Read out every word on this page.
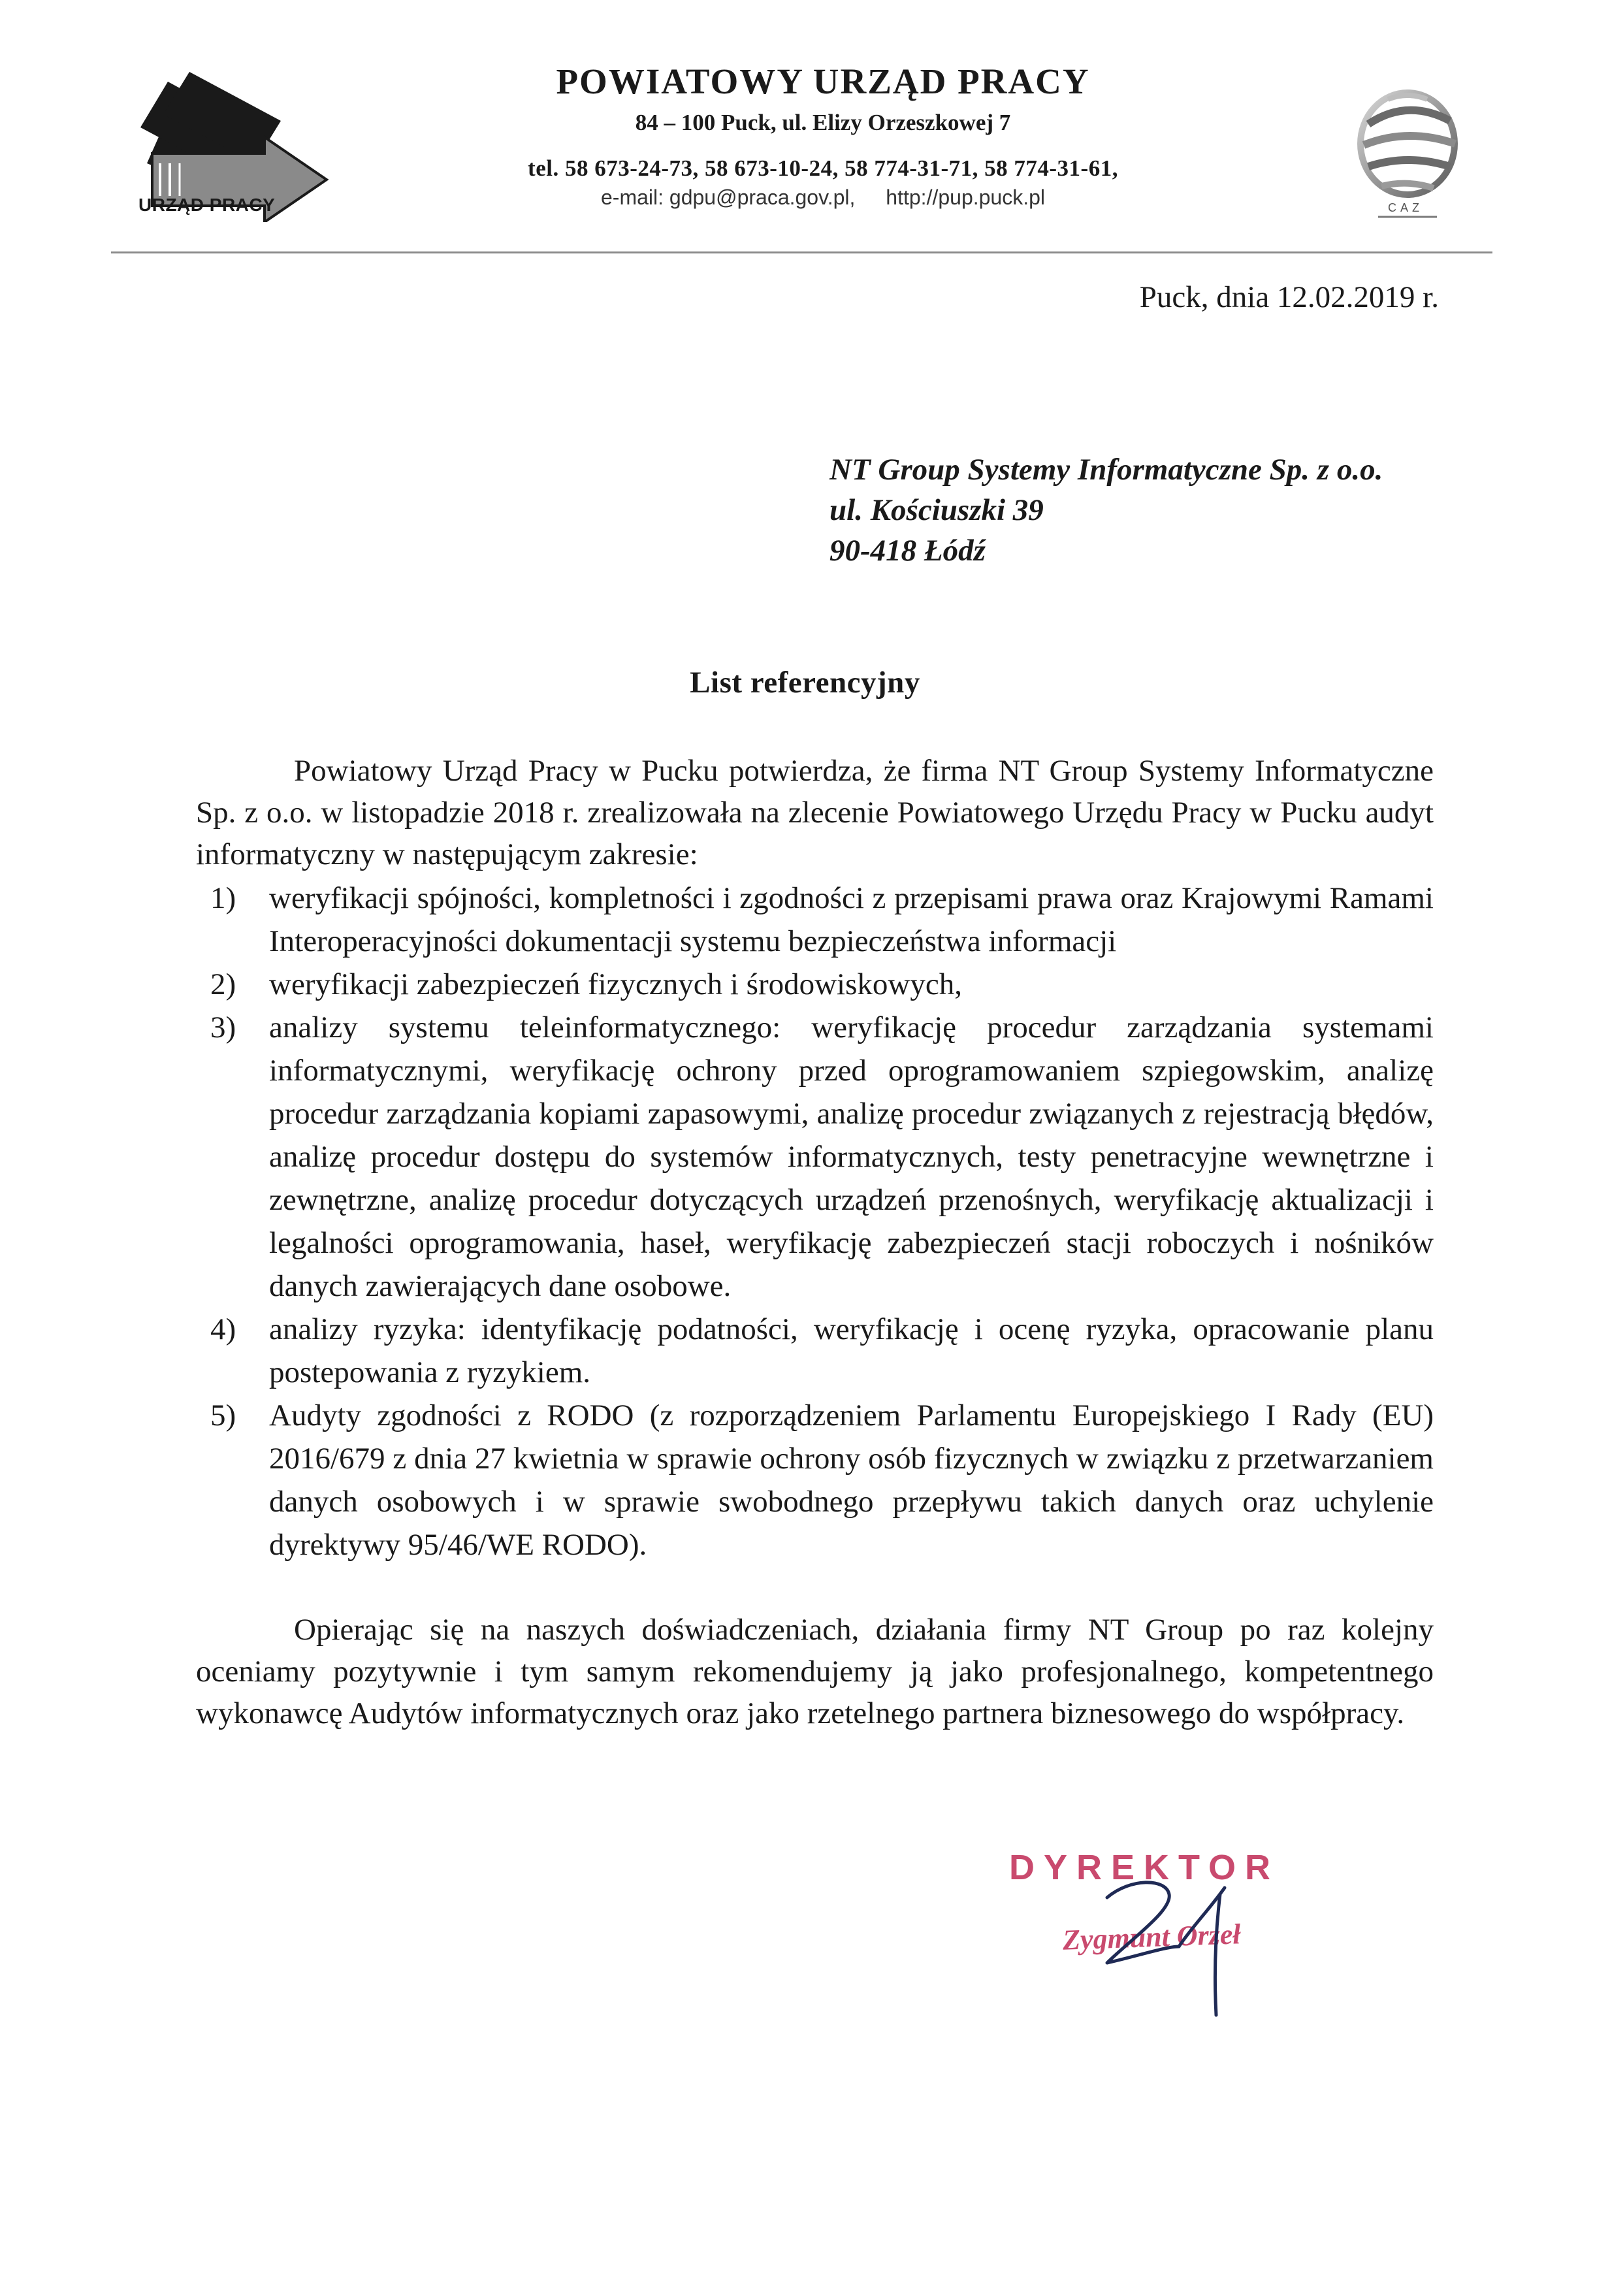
URZĄD PRACY
POWIATOWY URZĄD PRACY
84 – 100 Puck, ul. Elizy Orzeszkowej 7
tel. 58 673-24-73, 58 673-10-24, 58 774-31-71, 58 774-31-61,
e-mail: gdpu@praca.gov.pl, http://pup.puck.pl	CAZ
Puck, dnia 12.02.2019 r.
NT Group Systemy Informatyczne Sp. z o.o.
ul. Kościuszki 39
90-418 Łódź
List referencyjny
Powiatowy Urząd Pracy w Pucku potwierdza, że firma NT Group Systemy Informatyczne Sp. z o.o. w listopadzie 2018 r. zrealizowała na zlecenie Powiatowego Urzędu Pracy w Pucku audyt informatyczny w następującym zakresie:
1) weryfikacji spójności, kompletności i zgodności z przepisami prawa oraz Krajowymi Ramami Interoperacyjności dokumentacji systemu bezpieczeństwa informacji
2) weryfikacji zabezpieczeń fizycznych i środowiskowych,
3) analizy systemu teleinformatycznego: weryfikację procedur zarządzania systemami informatycznymi, weryfikację ochrony przed oprogramowaniem szpiegowskim, analizę procedur zarządzania kopiami zapasowymi, analizę procedur związanych z rejestracją błędów, analizę procedur dostępu do systemów informatycznych, testy penetracyjne wewnętrzne i zewnętrzne, analizę procedur dotyczących urządzeń przenośnych, weryfikację aktualizacji i legalności oprogramowania, haseł, weryfikację zabezpieczeń stacji roboczych i nośników danych zawierających dane osobowe.
4) analizy ryzyka: identyfikację podatności, weryfikację i ocenę ryzyka, opracowanie planu postepowania z ryzykiem.
5) Audyty zgodności z RODO (z rozporządzeniem Parlamentu Europejskiego I Rady (EU) 2016/679 z dnia 27 kwietnia w sprawie ochrony osób fizycznych w związku z przetwarzaniem danych osobowych i w sprawie swobodnego przepływu takich danych oraz uchylenie dyrektywy 95/46/WE RODO).
Opierając się na naszych doświadczeniach, działania firmy NT Group po raz kolejny oceniamy pozytywnie i tym samym rekomendujemy ją jako profesjonalnego, kompetentnego wykonawcę Audytów informatycznych oraz jako rzetelnego partnera biznesowego do współpracy.
DYREKTOR
Zygmunt Orzeł
